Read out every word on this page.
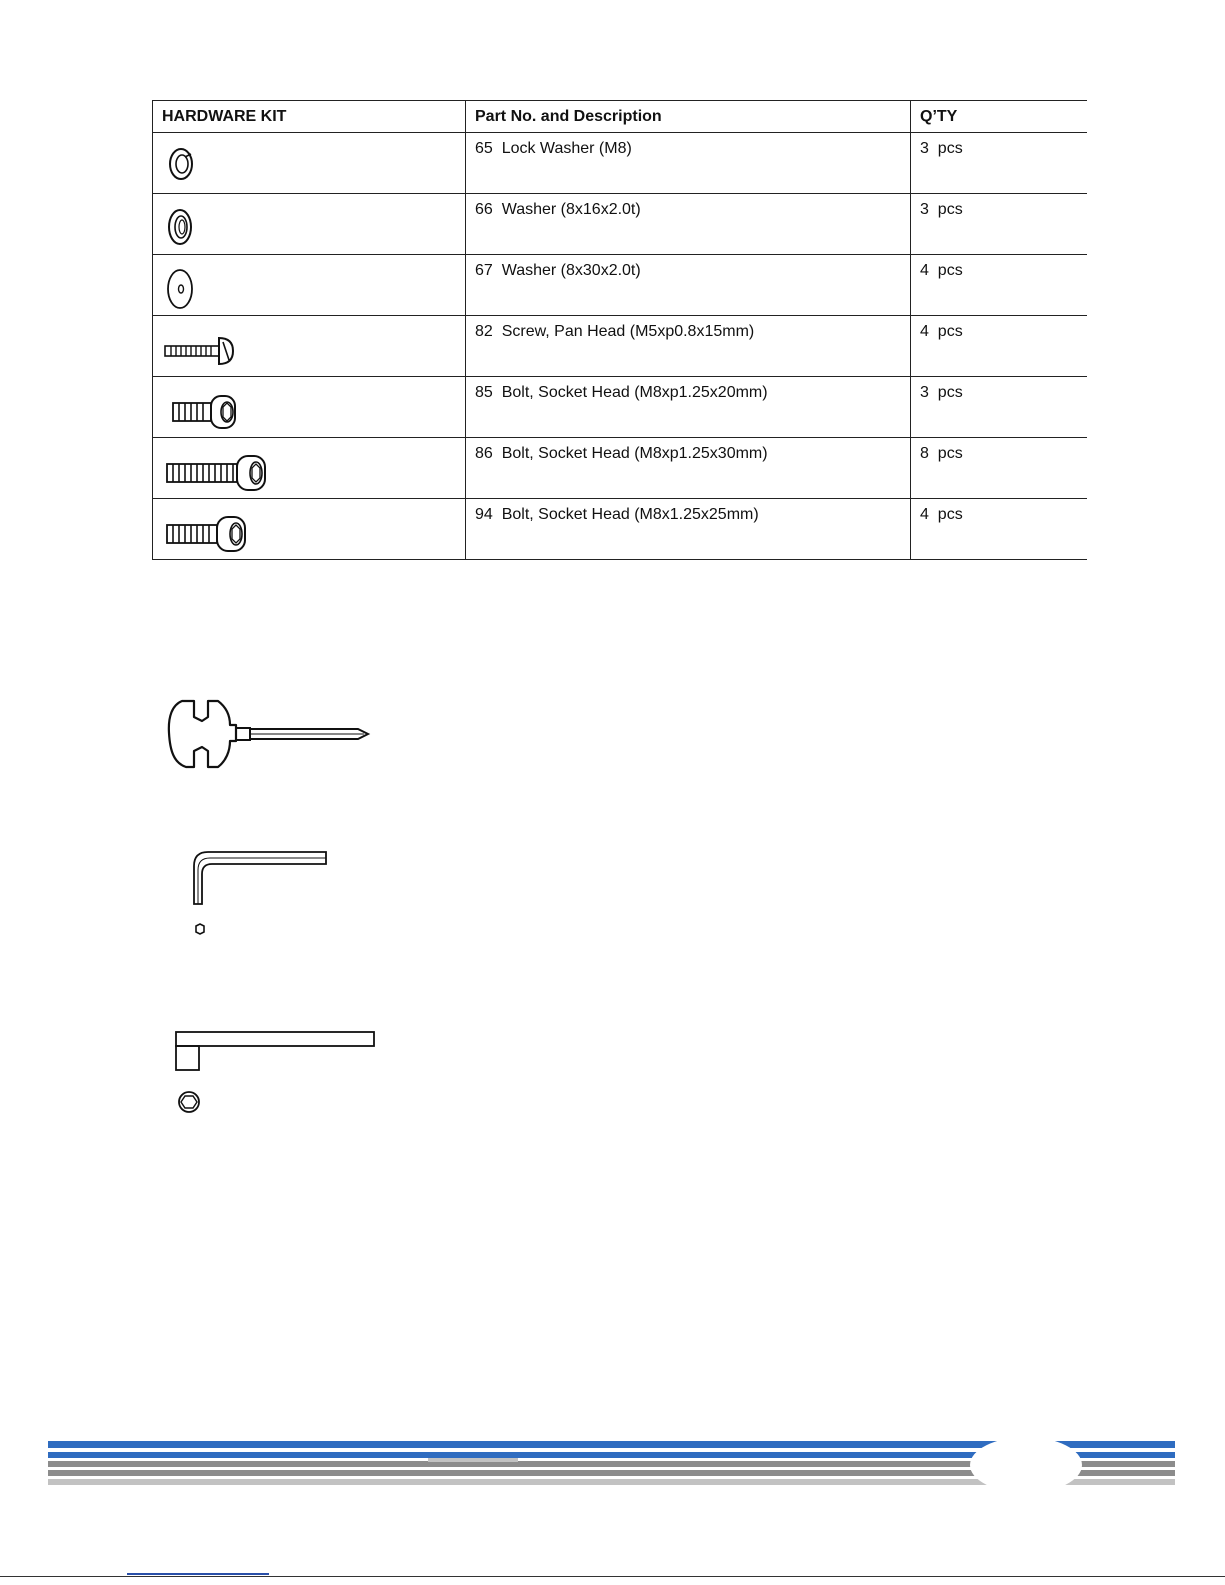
HARDWARE KIT	Part No. and Description	Q’TY

65 Lock Washer (M8)	3 pcs

66 Washer (8x16x2.0t)	3 pcs

67 Washer (8x30x2.0t)	4 pcs

82 Screw, Pan Head (M5xp0.8x15mm)	4 pcs

85 Bolt, Socket Head (M8xp1.25x20mm)	3 pcs

86 Bolt, Socket Head (M8xp1.25x30mm)	8 pcs

94 Bolt, Socket Head (M8x1.25x25mm)	4 pcs
